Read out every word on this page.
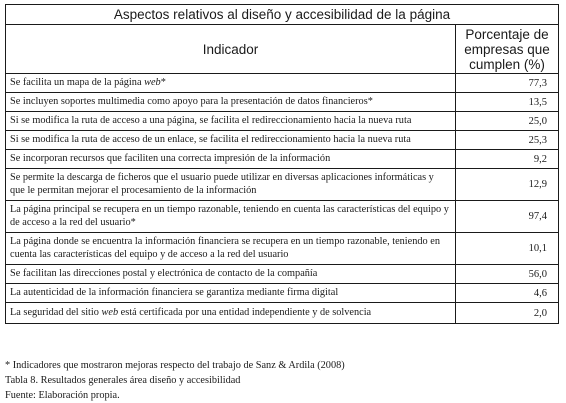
Aspectos relativos al diseño y accesibilidad de la página	
Indicador	Porcentaje de
empresas que
cumplen (%)

Se facilita un mapa de la página web*	77,3
Se incluyen soportes multimedia como apoyo para la presentación de datos financieros*	13,5
Si se modifica la ruta de acceso a una página, se facilita el redireccionamiento hacia la nueva ruta	25,0
Si se modifica la ruta de acceso de un enlace, se facilita el redireccionamiento hacia la nueva ruta	25,3
Se incorporan recursos que faciliten una correcta impresión de la información	9,2
Se permite la descarga de ficheros que el usuario puede utilizar en diversas aplicaciones informáticas y que le permitan mejorar el procesamiento de la información	12,9
La página principal se recupera en un tiempo razonable, teniendo en cuenta las características del equipo y de acceso a la red del usuario*	97,4
La página donde se encuentra la información financiera se recupera en un tiempo razonable, teniendo en cuenta las características del equipo y de acceso a la red del usuario	10,1
Se facilitan las direcciones postal y electrónica de contacto de la compañía	56,0
La autenticidad de la información financiera se garantiza mediante firma digital	4,6
La seguridad del sitio web está certificada por una entidad independiente y de solvencia	2,0
* Indicadores que mostraron mejoras respecto del trabajo de Sanz & Ardila (2008)
Tabla 8. Resultados generales área diseño y accesibilidad
Fuente: Elaboración propia.
